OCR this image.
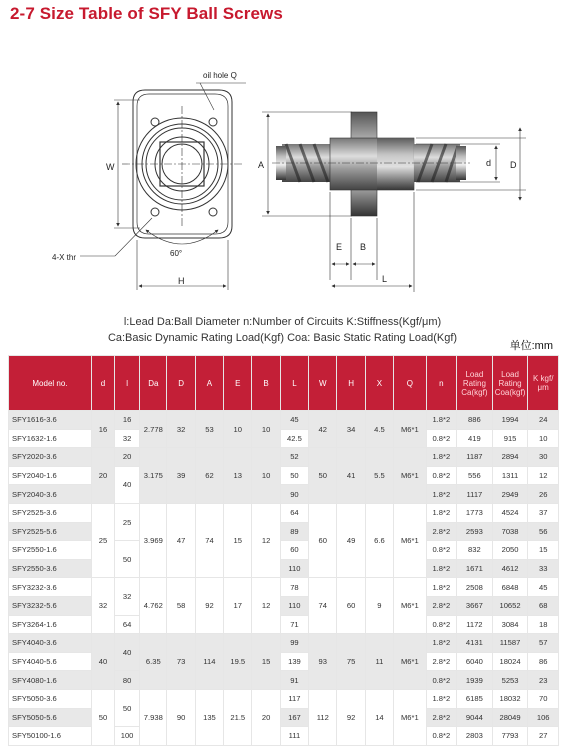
2-7 Size Table of SFY Ball Screws
oil hole Q
4-X thr	60°
W
H
A	d D
E B
L
l:Lead Da:Ball Diameter n:Number of Circuits K:Stiffness(Kgf/μm)
Ca:Basic Dynamic Rating Load(Kgf) Coa: Basic Static Rating Load(Kgf)
单位:mm
Model no.	d	l	Da	D	A	E	B	L	W	H	X	Q	n	Load Rating Ca(kgf)	Load Rating Coa(kgf)	K kgf/μm
SFY1616-3.6	16	16	2.778	32	53	10	10	45	42	34	4.5	M6*1	1.8*2	886	1994	24
SFY1632-1.6		32						42.5					0.8*2	419	915	10
SFY2020-3.6	20	20	3.175	39	62	13	10	52	50	41	5.5	M6*1	1.8*2	1187	2894	30
SFY2040-1.6		40						50					0.8*2	556	1311	12
SFY2040-3.6								90					1.8*2	1117	2949	26
SFY2525-3.6	25	25	3.969	47	74	15	12	64	60	49	6.6	M6*1	1.8*2	1773	4524	37
SFY2525-5.6								89					2.8*2	2593	7038	56
SFY2550-1.6		50						60					0.8*2	832	2050	15
SFY2550-3.6								110					1.8*2	1671	4612	33
SFY3232-3.6	32	32	4.762	58	92	17	12	78	74	60	9	M6*1	1.8*2	2508	6848	45
SFY3232-5.6								110					2.8*2	3667	10652	68
SFY3264-1.6		64						71					0.8*2	1172	3084	18
SFY4040-3.6	40	40	6.35	73	114	19.5	15	99	93	75	11	M6*1	1.8*2	4131	11587	57
SFY4040-5.6								139					2.8*2	6040	18024	86
SFY4080-1.6		80						91					0.8*2	1939	5253	23
SFY5050-3.6	50	50	7.938	90	135	21.5	20	117	112	92	14	M6*1	1.8*2	6185	18032	70
SFY5050-5.6								167					2.8*2	9044	28049	106
SFY50100-1.6		100						111					0.8*2	2803	7793	27
